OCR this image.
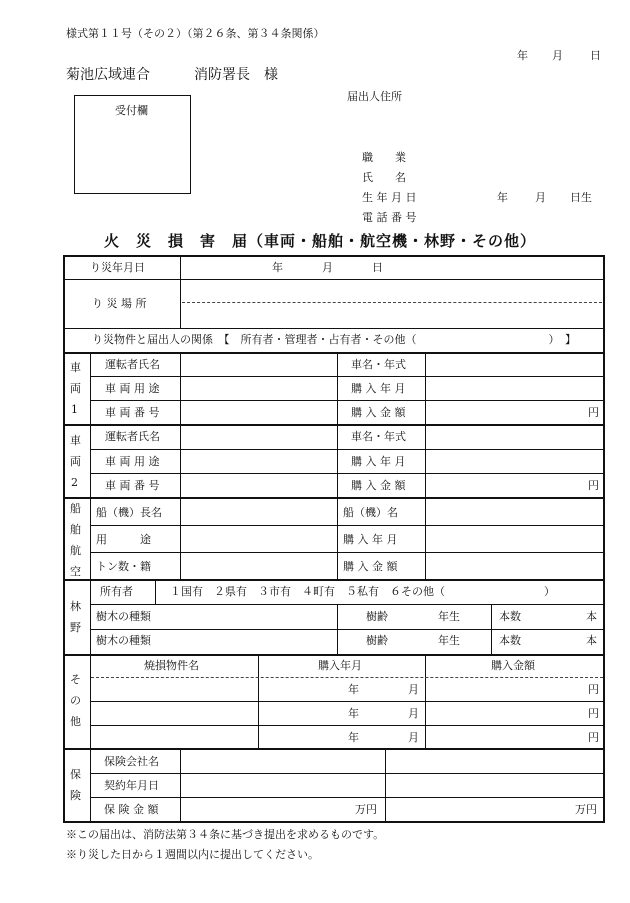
様式第１１号（その２）（第２６条、第３４条関係）
年 月 日
菊池広域連合	消防署長　様
受付欄
届出人住所
職　　業
氏　　名
生 年 月 日	年 月 日生
電 話 番 号
火　災　損　害　届（車両・船舶・航空機・林野・その他）
り災年月日	年	月	日
り 災 場 所
り災物件と届出人の関係　【　所有者・管理者・占有者・その他（　　　　　　　　　　　　）　】
車
両
1
運転者氏名	車名・年式
車 両 用 途	購 入 年 月
車 両 番 号	購 入 金 額	円
車
両
2
運転者氏名	車名・年式
車 両 用 途	購 入 年 月
車 両 番 号	購 入 金 額	円
船
舶
航
空
船（機）長名	船（機）名
用　　　途	購 入 年 月
トン数・籍	購 入 金 額
林
野
所有者	１国有　２県有　３市有　４町有　５私有　６その他（　　　　　　　　　）
樹木の種類	樹齢	年生	本数	本
樹木の種類	樹齢	年生	本数	本
そ
の
他
焼損物件名	購入年月	購入金額
年	月	円
年	月	円
年	月	円
保
険
保険会社名
契約年月日
保 険 金 額	万円	万円
※この届出は、消防法第３４条に基づき提出を求めるものです。
※り災した日から１週間以内に提出してください。
